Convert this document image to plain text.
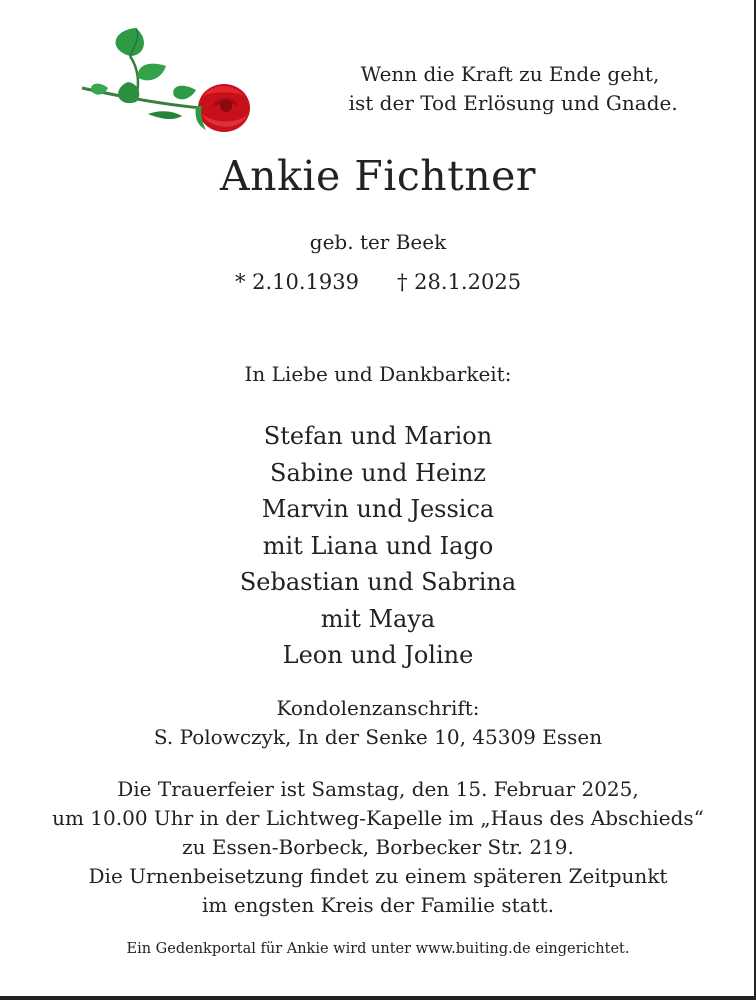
Wenn die Kraft zu Ende geht,
ist der Tod Erlösung und Gnade.
Ankie Fichtner
geb. ter Beek
* 2.10.1939 † 28.1.2025
In Liebe und Dankbarkeit:
Stefan und Marion
Sabine und Heinz
Marvin und Jessica
mit Liana und Iago
Sebastian und Sabrina
mit Maya
Leon und Joline
Kondolenzanschrift:
S. Polowczyk, In der Senke 10, 45309 Essen
Die Trauerfeier ist Samstag, den 15. Februar 2025,
um 10.00 Uhr in der Lichtweg-Kapelle im „Haus des Abschieds“
zu Essen-Borbeck, Borbecker Str. 219.
Die Urnenbeisetzung findet zu einem späteren Zeitpunkt
im engsten Kreis der Familie statt.
Ein Gedenkportal für Ankie wird unter www.buiting.de eingerichtet.
